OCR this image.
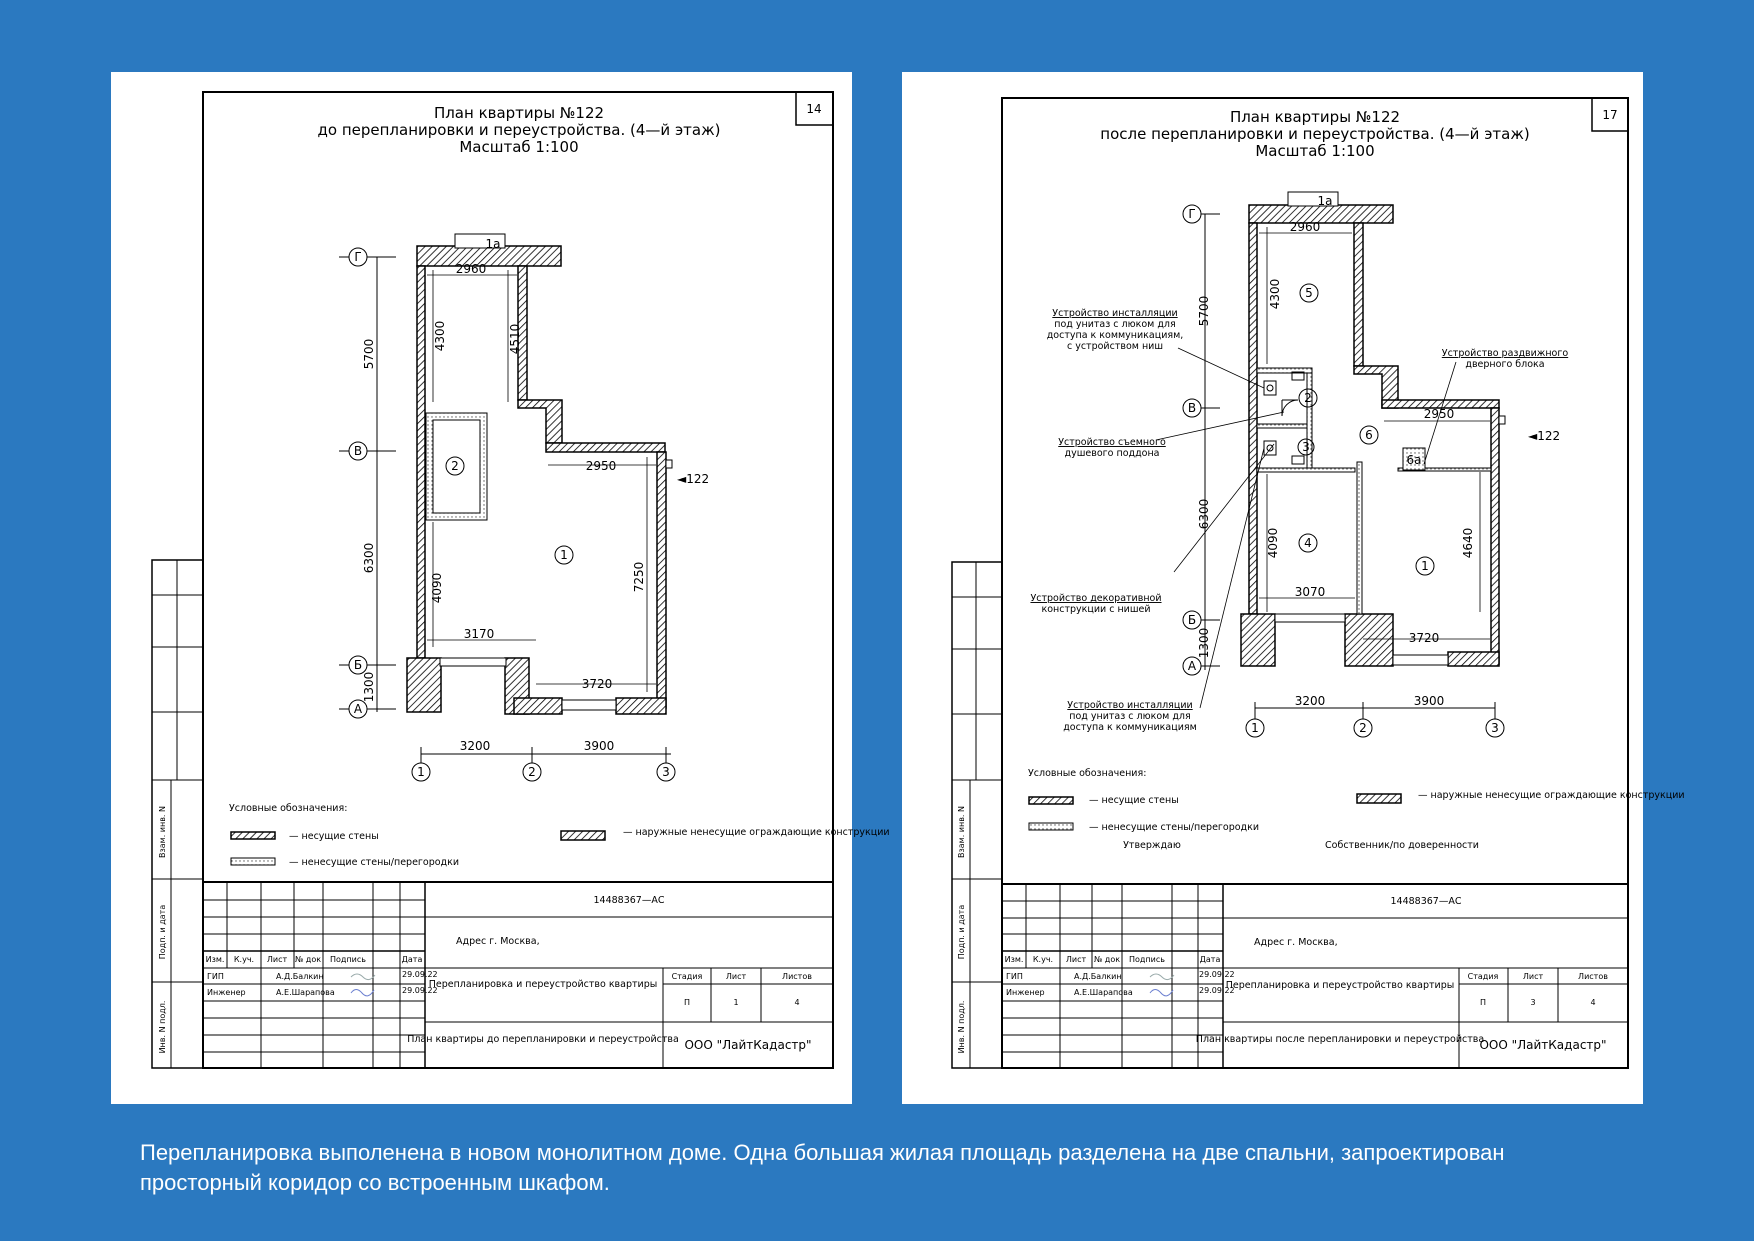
14
Взам. инв. N
Подп. и дата
Инв. N подл.
План квартиры №122
до перепланировки и переустройства. (4—й этаж)
Масштаб 1:100
Г
В
Б
А
1	2	3
5700
6300
1300
3200	3900
1а
2
1
2960
4300	4510
4090
2950
7250
3170
3720
◄122
Условные обозначения:
— несущие стены
— ненесущие стены/перегородки
— наружные ненесущие ограждающие конструкции
Изм. К.уч. Лист № док Подпись	Дата
ГИП	А.Д.Балкин	29.09.22
Инженер	А.Е.Шарапова	29.09.22
14488367—АС
Адрес г. Москва,
Перепланировка и переустройство квартиры
План квартиры до перепланировки и переустройства
Стадия	Лист	Листов
П	1	4
ООО "ЛайтКадастр"
17
Взам. инв. N
Подп. и дата
Инв. N подл.
План квартиры №122
после перепланировки и переустройства. (4—й этаж)
Масштаб 1:100
Г
В
Б
А
1	2	3
5700
6300
1300
3200	3900
1а
5
2
3
6
4
1
6а
2960
4300
4090
2950
4640
3070
3720
◄122
Устройство инсталляции
под унитаз с люком для
доступа к коммуникациям,
с устройством ниш
Устройство съемного
душевого поддона
Устройство декоративной
конструкции с нишей
Устройство инсталляции
под унитаз с люком для
доступа к коммуникациям
Устройство раздвижного
дверного блока
Условные обозначения:
— несущие стены
— ненесущие стены/перегородки
— наружные ненесущие ограждающие конструкции
Утверждаю	Собственник/по доверенности
Изм. К.уч. Лист № док Подпись	Дата
ГИП	А.Д.Балкин	29.09.22
Инженер	А.Е.Шарапова	29.09.22
14488367—АС
Адрес г. Москва,
Перепланировка и переустройство квартиры
План квартиры после перепланировки и переустройства
Стадия	Лист	Листов
П	3	4
ООО "ЛайтКадастр"
Перепланировка выполенена в новом монолитном доме. Одна большая жилая площадь разделена на две спальни, запроектирован
просторный коридор со встроенным шкафом.
